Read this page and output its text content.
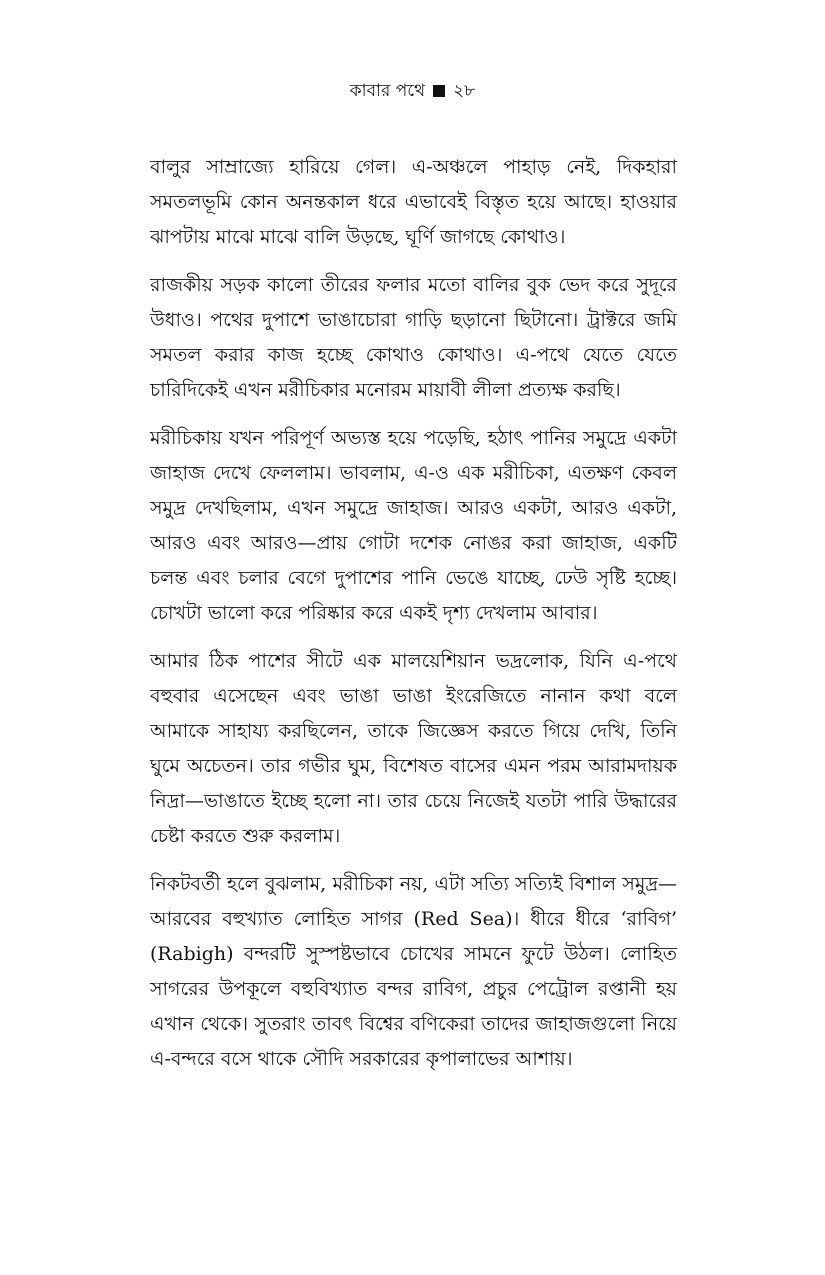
কাবার পথে ২৮

বালুর সাম্রাজ্যে হারিয়ে গেল। এ-অঞ্চলে পাহাড় নেই, দিকহারা সমতলভূমি কোন অনন্তকাল ধরে এভাবেই বিস্তৃত হয়ে আছে। হাওয়ার ঝাপটায় মাঝে মাঝে বালি উড়ছে, ঘূর্ণি জাগছে কোথাও।

রাজকীয় সড়ক কালো তীরের ফলার মতো বালির বুক ভেদ করে সুদূরে উধাও। পথের দুপাশে ভাঙাচোরা গাড়ি ছড়ানো ছিটানো। ট্রাক্টরে জমি সমতল করার কাজ হচ্ছে কোথাও কোথাও। এ-পথে যেতে যেতে চারিদিকেই এখন মরীচিকার মনোরম মায়াবী লীলা প্রত্যক্ষ করছি।

মরীচিকায় যখন পরিপূর্ণ অভ্যস্ত হয়ে পড়েছি, হঠাৎ পানির সমুদ্রে একটা জাহাজ দেখে ফেললাম। ভাবলাম, এ-ও এক মরীচিকা, এতক্ষণ কেবল সমুদ্র দেখছিলাম, এখন সমুদ্রে জাহাজ। আরও একটা, আরও একটা, আরও এবং আরও—প্রায় গোটা দশেক নোঙর করা জাহাজ, একটি চলন্ত এবং চলার বেগে দুপাশের পানি ভেঙে যাচ্ছে, ঢেউ সৃষ্টি হচ্ছে। চোখটা ভালো করে পরিষ্কার করে একই দৃশ্য দেখলাম আবার।

আমার ঠিক পাশের সীটে এক মালয়েশিয়ান ভদ্রলোক, যিনি এ-পথে বহুবার এসেছেন এবং ভাঙা ভাঙা ইংরেজিতে নানান কথা বলে আমাকে সাহায্য করছিলেন, তাকে জিজ্ঞেস করতে গিয়ে দেখি, তিনি ঘুমে অচেতন। তার গভীর ঘুম, বিশেষত বাসের এমন পরম আরামদায়ক নিদ্রা—ভাঙাতে ইচ্ছে হলো না। তার চেয়ে নিজেই যতটা পারি উদ্ধারের চেষ্টা করতে শুরু করলাম।

নিকটবর্তী হলে বুঝলাম, মরীচিকা নয়, এটা সত্যি সত্যিই বিশাল সমুদ্র—আরবের বহুখ্যাত লোহিত সাগর (Red Sea)। ধীরে ধীরে ‘রাবিগ’ (Rabigh) বন্দরটি সুস্পষ্টভাবে চোখের সামনে ফুটে উঠল। লোহিত সাগরের উপকূলে বহুবিখ্যাত বন্দর রাবিগ, প্রচুর পেট্রোল রপ্তানী হয় এখান থেকে। সুতরাং তাবৎ বিশ্বের বণিকেরা তাদের জাহাজগুলো নিয়ে এ-বন্দরে বসে থাকে সৌদি সরকারের কৃপালাভের আশায়।
